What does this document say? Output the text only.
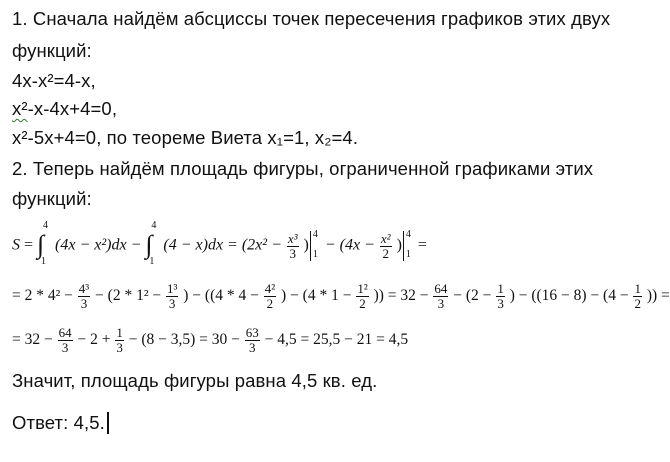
1. Сначала найдём абсциссы точек пересечения графиков этих двух
функций:
4x-x²=4-x,
x²-x-4x+4=0,
x²-5x+4=0, по теореме Виета x₁=1, x₂=4.
2. Теперь найдём площадь фигуры, ограниченной графиками этих
функций:
S = ∫
4
1
(4x − x²)dx − ∫
4
1
$(4 - x)dx = (2x^2 - \frac{\text{x³}}{3}$ )
4
1
− ($4x - \frac{\text{x²}}{2}$ )
4
1
=
= $2 * 4^2 - \frac{\text{4³}}{3} - (2 * 1^2 - \frac{\text{1³}}{3}$ ) − (($4 * 4 - \frac{\text{4²}}{2}$ ) − ($4 * 1 - \frac{\text{1²}}{2}$ )) = $32 - \frac{64}{3} - (2 - \frac{1}{3}$ ) − ($(16 - 8) - (4 - \frac{1}{2}$ )) =
= $32 - \frac{64}{3} - 2 + \frac{1}{3} - (8 - 3,5) = 30 - \frac{63}{3} - 4,5 = 25,5 - 21 = 4,5$
Значит, площадь фигуры равна 4,5 кв. ед.
Ответ: 4,5.
